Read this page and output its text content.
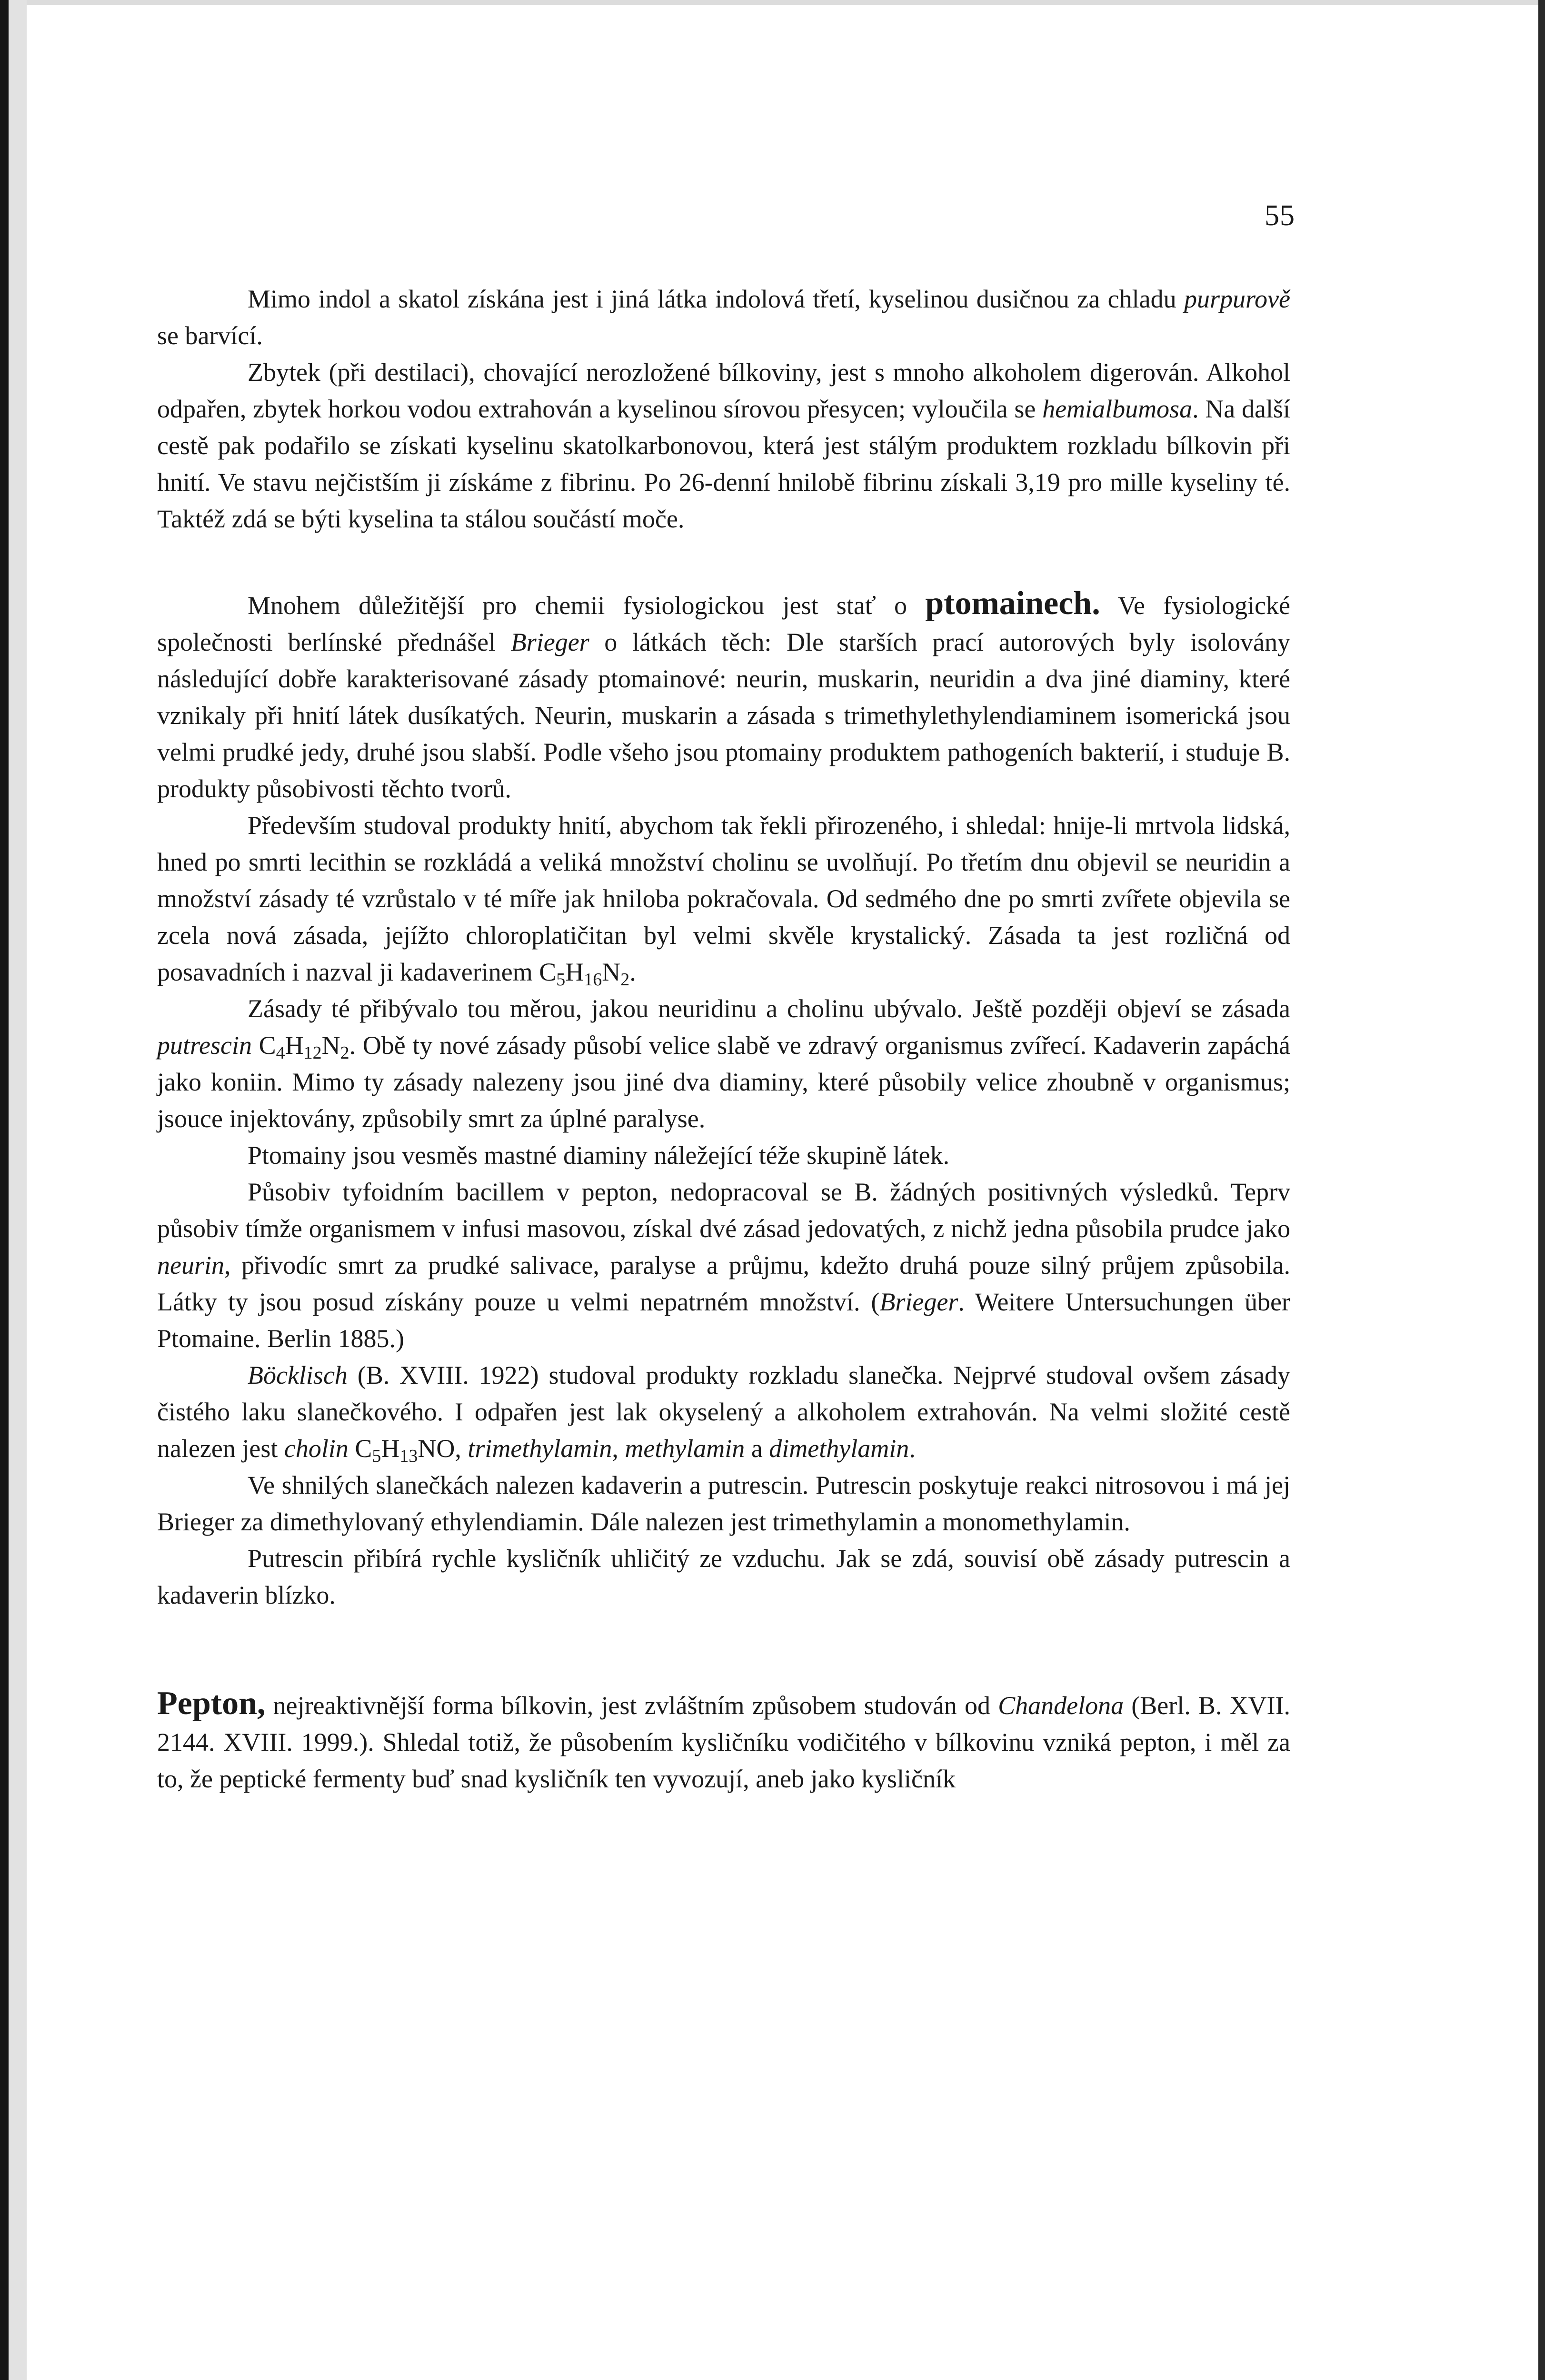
55

Mimo indol a skatol získána jest i jiná látka indolová třetí, kyselinou dusičnou za chladu purpurově se barvící.

Zbytek (při destilaci), chovající nerozložené bílkoviny, jest s mnoho alkoholem digerován. Alkohol odpařen, zbytek horkou vodou extrahován a kyselinou sírovou přesycen; vyloučila se hemialbumosa. Na další cestě pak podařilo se získati kyselinu skatolkarbonovou, která jest stálým produktem rozkladu bílkovin při hnití. Ve stavu nejčistším ji získáme z fibrinu. Po 26-denní hnilobě fibrinu získali 3,19 pro mille kyseliny té. Taktéž zdá se býti kyselina ta stálou součástí moče.

Mnohem důležitější pro chemii fysiologickou jest stať o ptomainech. Ve fysiologické společnosti berlínské přednášel Brieger o látkách těch: Dle starších prací autorových byly isolovány následující dobře karakterisované zásady ptomainové: neurin, muskarin, neuridin a dva jiné diaminy, které vznikaly při hnití látek dusíkatých. Neurin, muskarin a zásada s trimethylethylendiaminem isomerická jsou velmi prudké jedy, druhé jsou slabší. Podle všeho jsou ptomainy produktem pathogeních bakterií, i studuje B. produkty působivosti těchto tvorů.

Především studoval produkty hnití, abychom tak řekli přirozeného, i shledal: hnije-li mrtvola lidská, hned po smrti lecithin se rozkládá a veliká množství cholinu se uvolňují. Po třetím dnu objevil se neuridin a množství zásady té vzrůstalo v té míře jak hniloba pokračovala. Od sedmého dne po smrti zvířete objevila se zcela nová zásada, jejížto chloroplatičitan byl velmi skvěle krystalický. Zásada ta jest rozličná od posavadních i nazval ji kadaverinem $C_5H_{16}N_2$.

Zásady té přibývalo tou měrou, jakou neuridinu a cholinu ubývalo. Ještě později objeví se zásada putrescin $C_4H_{12}N_2$. Obě ty nové zásady působí velice slabě ve zdravý organismus zvířecí. Kadaverin zapáchá jako koniin. Mimo ty zásady nalezeny jsou jiné dva diaminy, které působily velice zhoubně v organismus; jsouce injektovány, způsobily smrt za úplné paralyse.

Ptomainy jsou vesměs mastné diaminy náležející téže skupině látek.

Působiv tyfoidním bacillem v pepton, nedopracoval se B. žádných positivných výsledků. Teprv působiv tímže organismem v infusi masovou, získal dvé zásad jedovatých, z nichž jedna působila prudce jako neurin, přivodíc smrt za prudké salivace, paralyse a průjmu, kdežto druhá pouze silný průjem způsobila. Látky ty jsou posud získány pouze u velmi nepatrném množství. (Brieger. Weitere Untersuchungen über Ptomaine. Berlin 1885.)

Böcklisch (B. XVIII. 1922) studoval produkty rozkladu slanečka. Nejprvé studoval ovšem zásady čistého laku slanečkového. I odpařen jest lak okyselený a alkoholem extrahován. Na velmi složité cestě nalezen jest cholin $C_5H_{13}NO$, trimethylamin, methylamin a dimethylamin.

Ve shnilých slanečkách nalezen kadaverin a putrescin. Putrescin poskytuje reakci nitrosovou i má jej Brieger za dimethylovaný ethylendiamin. Dále nalezen jest trimethylamin a monomethylamin.

Putrescin přibírá rychle kysličník uhličitý ze vzduchu. Jak se zdá, souvisí obě zásady putrescin a kadaverin blízko.

Pepton, nejreaktivnější forma bílkovin, jest zvláštním způsobem studován od Chandelona (Berl. B. XVII. 2144. XVIII. 1999.). Shledal totiž, že působením kysličníku vodičitého v bílkovinu vzniká pepton, i měl za to, že peptické fermenty buď snad kysličník ten vyvozují, aneb jako kysličník
